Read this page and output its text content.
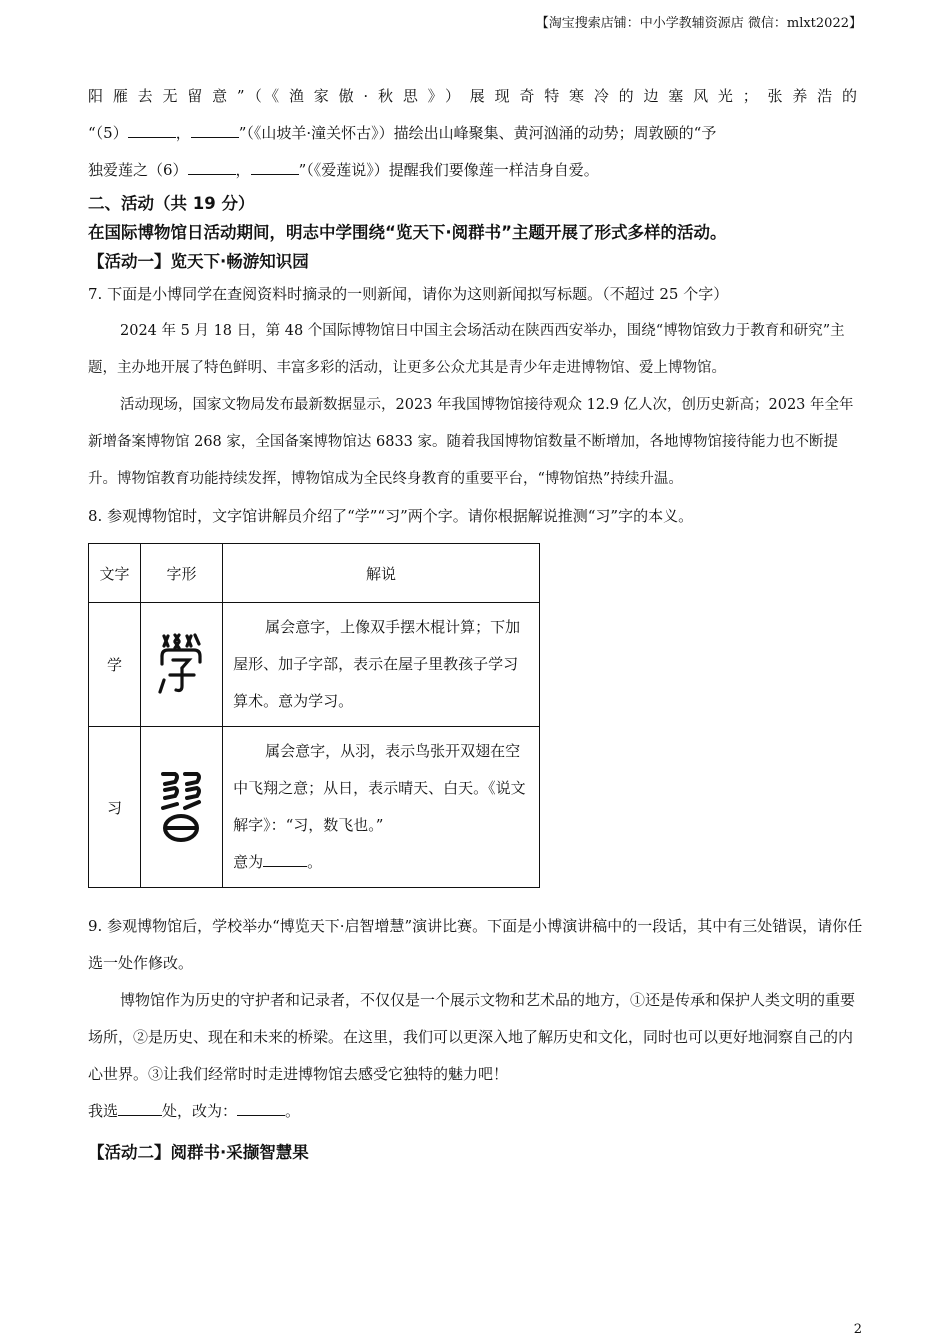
【淘宝搜索店铺：中小学教辅资源店 微信：mlxt2022】

阳雁去无留意”（《渔家傲·秋思》）展现奇特寒冷的边塞风光；张养浩的

“（5）	，	”（《山坡羊·潼关怀古》）描绘出山峰聚集、黄河汹涌的动势；周敦颐的“予

独爱莲之（6）	，	”（《爱莲说》）提醒我们要像莲一样洁身自爱。

二、活动（共 19 分）

在国际博物馆日活动期间，明志中学围绕“览天下·阅群书”主题开展了形式多样的活动。

【活动一】览天下·畅游知识园

7. 下面是小博同学在查阅资料时摘录的一则新闻，请你为这则新闻拟写标题。（不超过 25 个字）

2024 年 5 月 18 日，第 48 个国际博物馆日中国主会场活动在陕西西安举办，围绕“博物馆致力于教育和研究”主题，主办地开展了特色鲜明、丰富多彩的活动，让更多公众尤其是青少年走进博物馆、爱上博物馆。

活动现场，国家文物局发布最新数据显示，2023 年我国博物馆接待观众 12.9 亿人次，创历史新高；2023 年全年新增备案博物馆 268 家，全国备案博物馆达 6833 家。随着我国博物馆数量不断增加，各地博物馆接待能力也不断提升。博物馆教育功能持续发挥，博物馆成为全民终身教育的重要平台，“博物馆热”持续升温。

8. 参观博物馆时，文字馆讲解员介绍了“学”“习”两个字。请你根据解说推测“习”字的本义。

文字	字形	解说
学		属会意字，上像双手摆木棍计算；下加屋形、加子字部，表示在屋子里教孩子学习算术。意为学习。

习		属会意字，从羽，表示鸟张开双翅在空中飞翔之意；从日，表示晴天、白天。《说文解字》：“习，数飞也。”

意为 。

9. 参观博物馆后，学校举办“博览天下·启智增慧”演讲比赛。下面是小博演讲稿中的一段话，其中有三处错误，请你任选一处作修改。

博物馆作为历史的守护者和记录者，不仅仅是一个展示文物和艺术品的地方，①还是传承和保护人类文明的重要场所，②是历史、现在和未来的桥梁。在这里，我们可以更深入地了解历史和文化，同时也可以更好地洞察自己的内心世界。③让我们经常时时走进博物馆去感受它独特的魅力吧！

我选	处，改为：	。

【活动二】阅群书·采撷智慧果

2
